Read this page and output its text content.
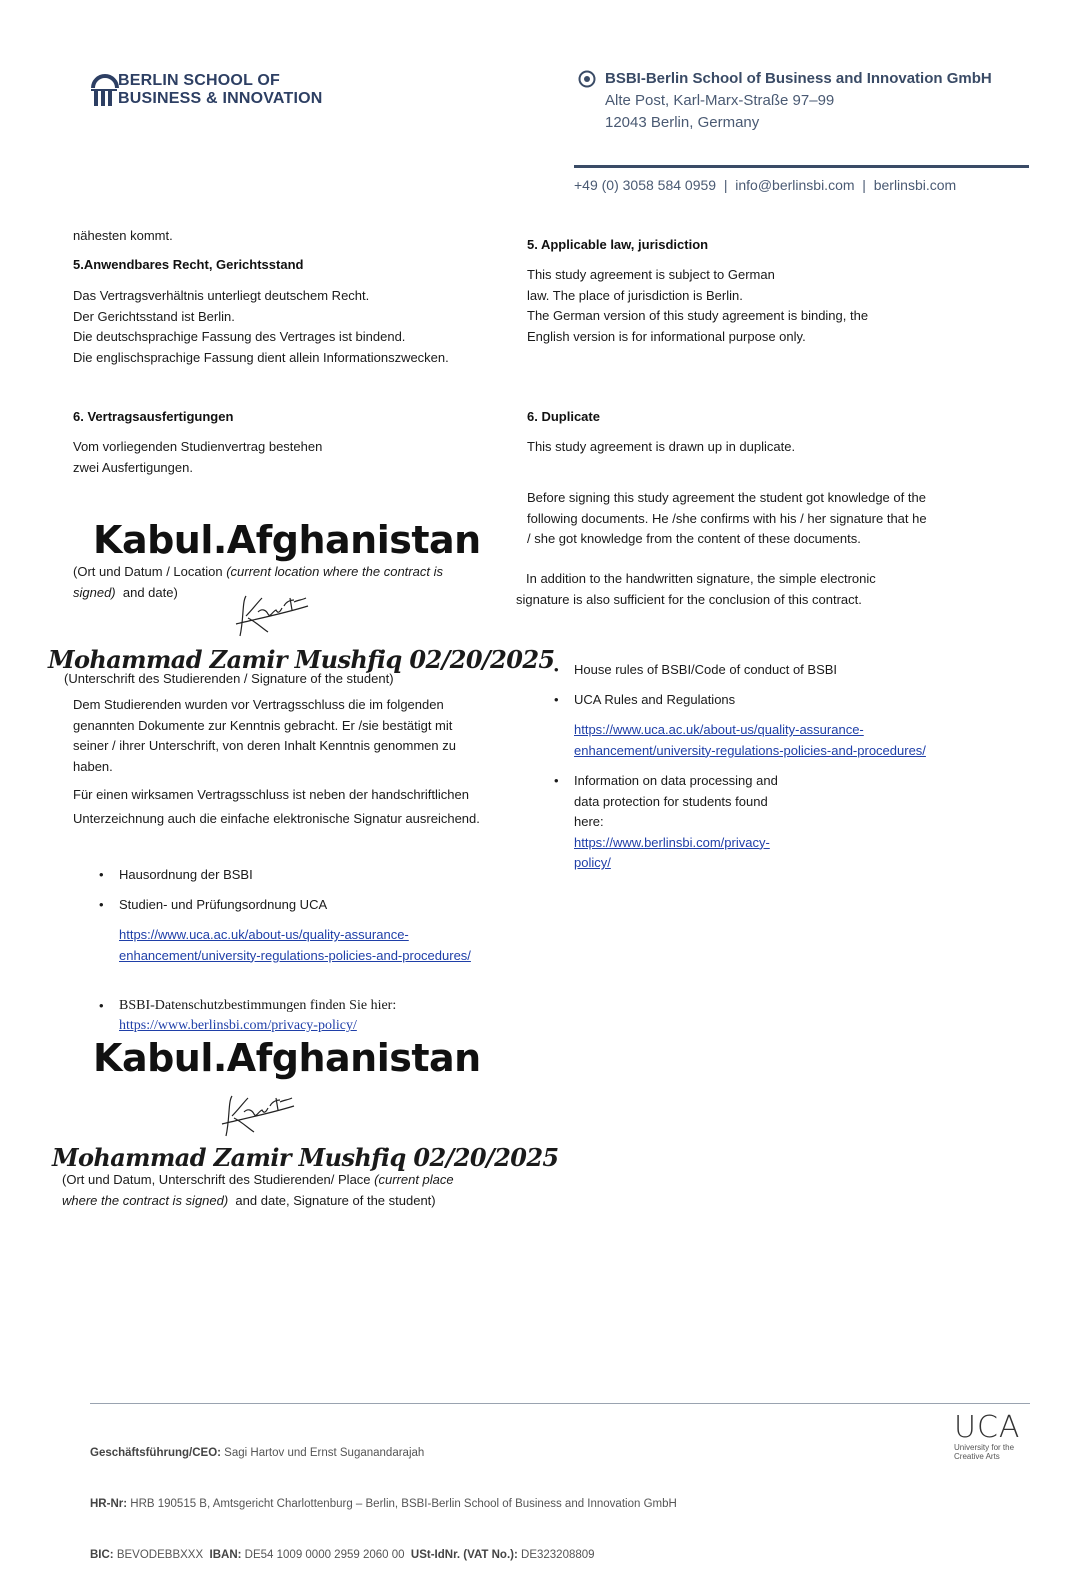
BERLIN SCHOOL OF
BUSINESS & INNOVATION
BSBI-Berlin School of Business and Innovation GmbH
Alte Post, Karl-Marx-Straße 97–99
12043 Berlin, Germany
+49 (0) 3058 584 0959  |  info@berlinsbi.com  |  berlinsbi.com
nähesten kommt.
5.Anwendbares Recht, Gerichtsstand
Das Vertragsverhältnis unterliegt deutschem Recht.
Der Gerichtsstand ist Berlin.
Die deutschsprachige Fassung des Vertrages ist bindend.
Die englischsprachige Fassung dient allein Informationszwecken.
6. Vertragsausfertigungen
Vom vorliegenden Studienvertrag bestehen
zwei Ausfertigungen.
Kabul.Afghanistan
(Ort und Datum / Location (current location where the contract is
signed)  and date)
Mohammad Zamir Mushfiq 02/20/2025
(Unterschrift des Studierenden / Signature of the student)
Dem Studierenden wurden vor Vertragsschluss die im folgenden
genannten Dokumente zur Kenntnis gebracht. Er /sie bestätigt mit
seiner / ihrer Unterschrift, von deren Inhalt Kenntnis genommen zu
haben.
Für einen wirksamen Vertragsschluss ist neben der handschriftlichen
Unterzeichnung auch die einfache elektronische Signatur ausreichend.
• Hausordnung der BSBI
• Studien- und Prüfungsordnung UCA
https://www.uca.ac.uk/about-us/quality-assurance-
enhancement/university-regulations-policies-and-procedures/
• BSBI-Datenschutzbestimmungen finden Sie hier:
https://www.berlinsbi.com/privacy-policy/
Kabul.Afghanistan
Mohammad Zamir Mushfiq 02/20/2025
(Ort und Datum, Unterschrift des Studierenden/ Place (current place
where the contract is signed)  and date, Signature of the student)
5. Applicable law, jurisdiction
This study agreement is subject to German
law. The place of jurisdiction is Berlin.
The German version of this study agreement is binding, the
English version is for informational purpose only.
6. Duplicate
This study agreement is drawn up in duplicate.
Before signing this study agreement the student got knowledge of the
following documents. He /she confirms with his / her signature that he
/ she got knowledge from the content of these documents.
In addition to the handwritten signature, the simple electronic
signature is also sufficient for the conclusion of this contract.
• House rules of BSBI/Code of conduct of BSBI
• UCA Rules and Regulations
https://www.uca.ac.uk/about-us/quality-assurance-
enhancement/university-regulations-policies-and-procedures/
• Information on data processing and
data protection for students found
here:
https://www.berlinsbi.com/privacy-
policy/

Geschäftsführung/CEO: Sagi Hartov und Ernst Suganandarajah

HR-Nr: HRB 190515 B, Amtsgericht Charlottenburg – Berlin, BSBI-Berlin School of Business and Innovation GmbH

BIC: BEVODEBBXXX  IBAN: DE54 1009 0000 2959 2060 00  USt-IdNr. (VAT No.): DE323208809

UCA
University for the
Creative Arts
